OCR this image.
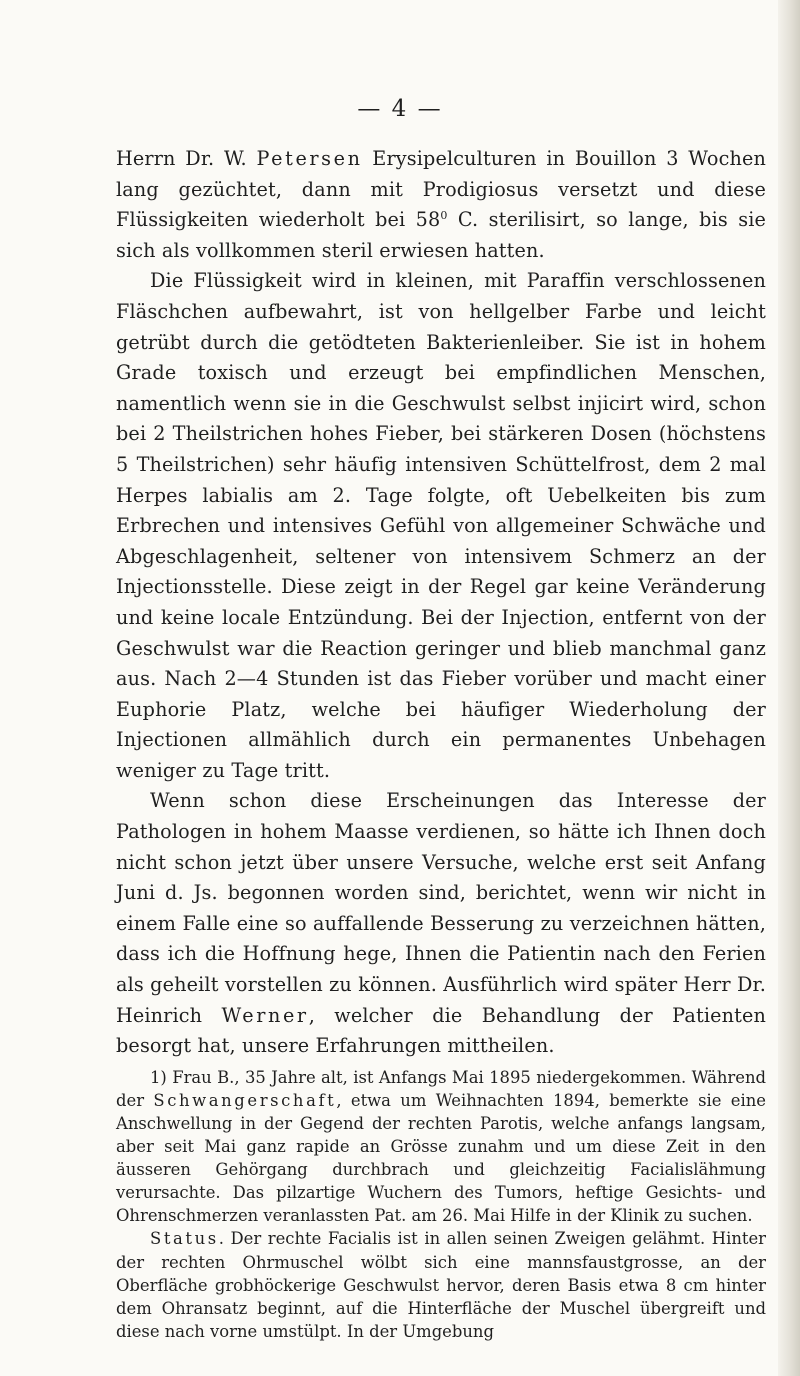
— 4 —

Herrn Dr. W. Petersen Erysipelculturen in Bouillon 3 Wochen lang gezüchtet, dann mit Prodigiosus versetzt und diese Flüssigkeiten wiederholt bei $58^0$ C. sterilisirt, so lange, bis sie sich als vollkommen steril erwiesen hatten.

Die Flüssigkeit wird in kleinen, mit Paraffin verschlossenen Fläschchen aufbewahrt, ist von hellgelber Farbe und leicht getrübt durch die getödteten Bakterienleiber. Sie ist in hohem Grade toxisch und erzeugt bei empfindlichen Menschen, namentlich wenn sie in die Geschwulst selbst injicirt wird, schon bei 2 Theilstrichen hohes Fieber, bei stärkeren Dosen (höchstens 5 Theilstrichen) sehr häufig intensiven Schüttelfrost, dem 2 mal Herpes labialis am 2. Tage folgte, oft Uebelkeiten bis zum Erbrechen und intensives Gefühl von allgemeiner Schwäche und Abgeschlagenheit, seltener von intensivem Schmerz an der Injectionsstelle. Diese zeigt in der Regel gar keine Veränderung und keine locale Entzündung. Bei der Injection, entfernt von der Geschwulst war die Reaction geringer und blieb manchmal ganz aus. Nach 2—4 Stunden ist das Fieber vorüber und macht einer Euphorie Platz, welche bei häufiger Wiederholung der Injectionen allmählich durch ein permanentes Unbehagen weniger zu Tage tritt.

Wenn schon diese Erscheinungen das Interesse der Pathologen in hohem Maasse verdienen, so hätte ich Ihnen doch nicht schon jetzt über unsere Versuche, welche erst seit Anfang Juni d. Js. begonnen worden sind, berichtet, wenn wir nicht in einem Falle eine so auffallende Besserung zu verzeichnen hätten, dass ich die Hoffnung hege, Ihnen die Patientin nach den Ferien als geheilt vorstellen zu können. Ausführlich wird später Herr Dr. Heinrich Werner, welcher die Behandlung der Patienten besorgt hat, unsere Erfahrungen mittheilen.

1) Frau B., 35 Jahre alt, ist Anfangs Mai 1895 niedergekommen. Während der Schwangerschaft, etwa um Weihnachten 1894, bemerkte sie eine Anschwellung in der Gegend der rechten Parotis, welche anfangs langsam, aber seit Mai ganz rapide an Grösse zunahm und um diese Zeit in den äusseren Gehörgang durchbrach und gleichzeitig Facialislähmung verursachte. Das pilzartige Wuchern des Tumors, heftige Gesichts- und Ohrenschmerzen veranlassten Pat. am 26. Mai Hilfe in der Klinik zu suchen.

Status. Der rechte Facialis ist in allen seinen Zweigen gelähmt. Hinter der rechten Ohrmuschel wölbt sich eine mannsfaustgrosse, an der Oberfläche grobhöckerige Geschwulst hervor, deren Basis etwa 8 cm hinter dem Ohransatz beginnt, auf die Hinterfläche der Muschel übergreift und diese nach vorne umstülpt. In der Umgebung
